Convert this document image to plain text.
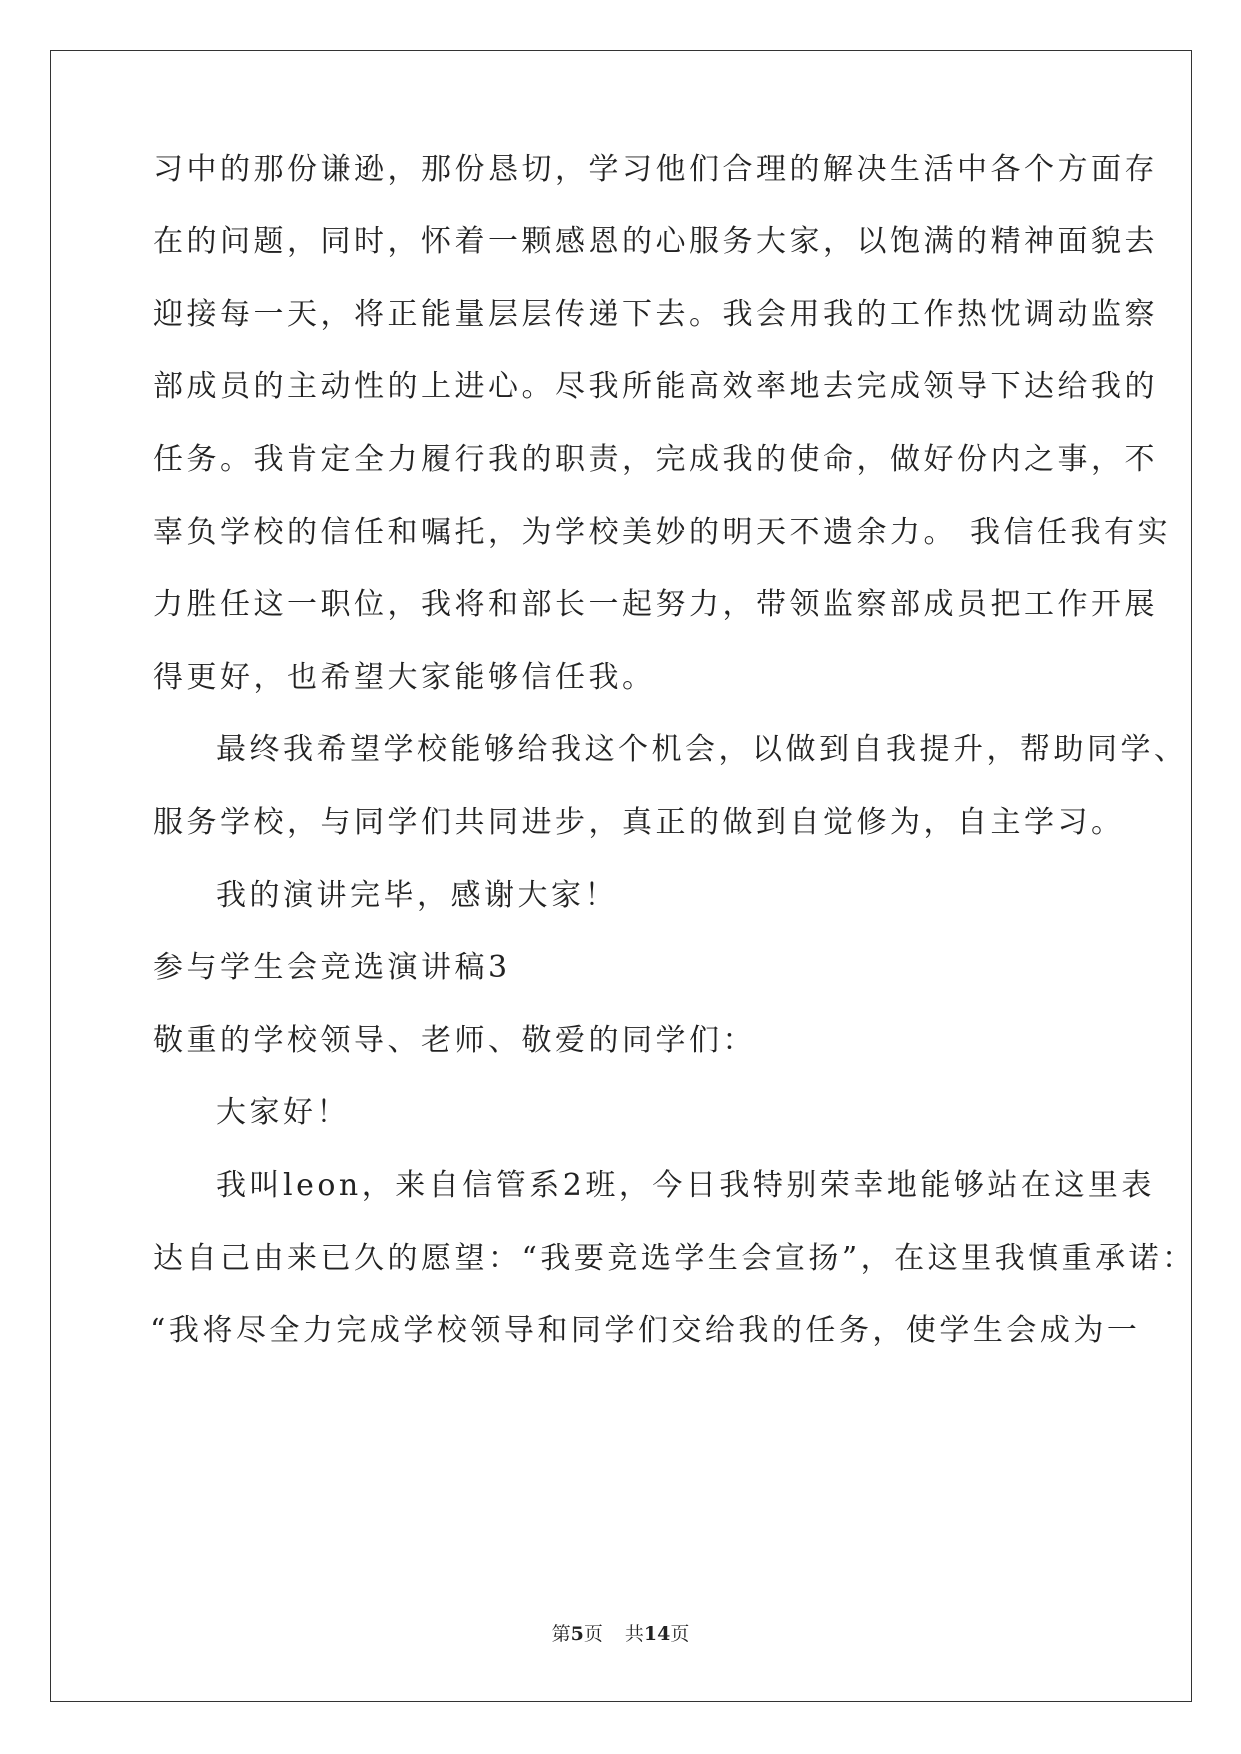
习中的那份谦逊，那份恳切，学习他们合理的解决生活中各个方面存
在的问题，同时，怀着一颗感恩的心服务大家，以饱满的精神面貌去
迎接每一天，将正能量层层传递下去。我会用我的工作热忱调动监察
部成员的主动性的上进心。尽我所能高效率地去完成领导下达给我的
任务。我肯定全力履行我的职责，完成我的使命，做好份内之事，不
辜负学校的信任和嘱托，为学校美妙的明天不遗余力。 我信任我有实
力胜任这一职位，我将和部长一起努力，带领监察部成员把工作开展
得更好，也希望大家能够信任我。
最终我希望学校能够给我这个机会，以做到自我提升，帮助同学、
服务学校，与同学们共同进步，真正的做到自觉修为，自主学习。
我的演讲完毕，感谢大家！
参与学生会竞选演讲稿3
敬重的学校领导、老师、敬爱的同学们：
大家好！
我叫leon，来自信管系2班，今日我特别荣幸地能够站在这里表
达自己由来已久的愿望：“我要竞选学生会宣扬”，在这里我慎重承诺：
“我将尽全力完成学校领导和同学们交给我的任务，使学生会成为一
第5页 共14页
